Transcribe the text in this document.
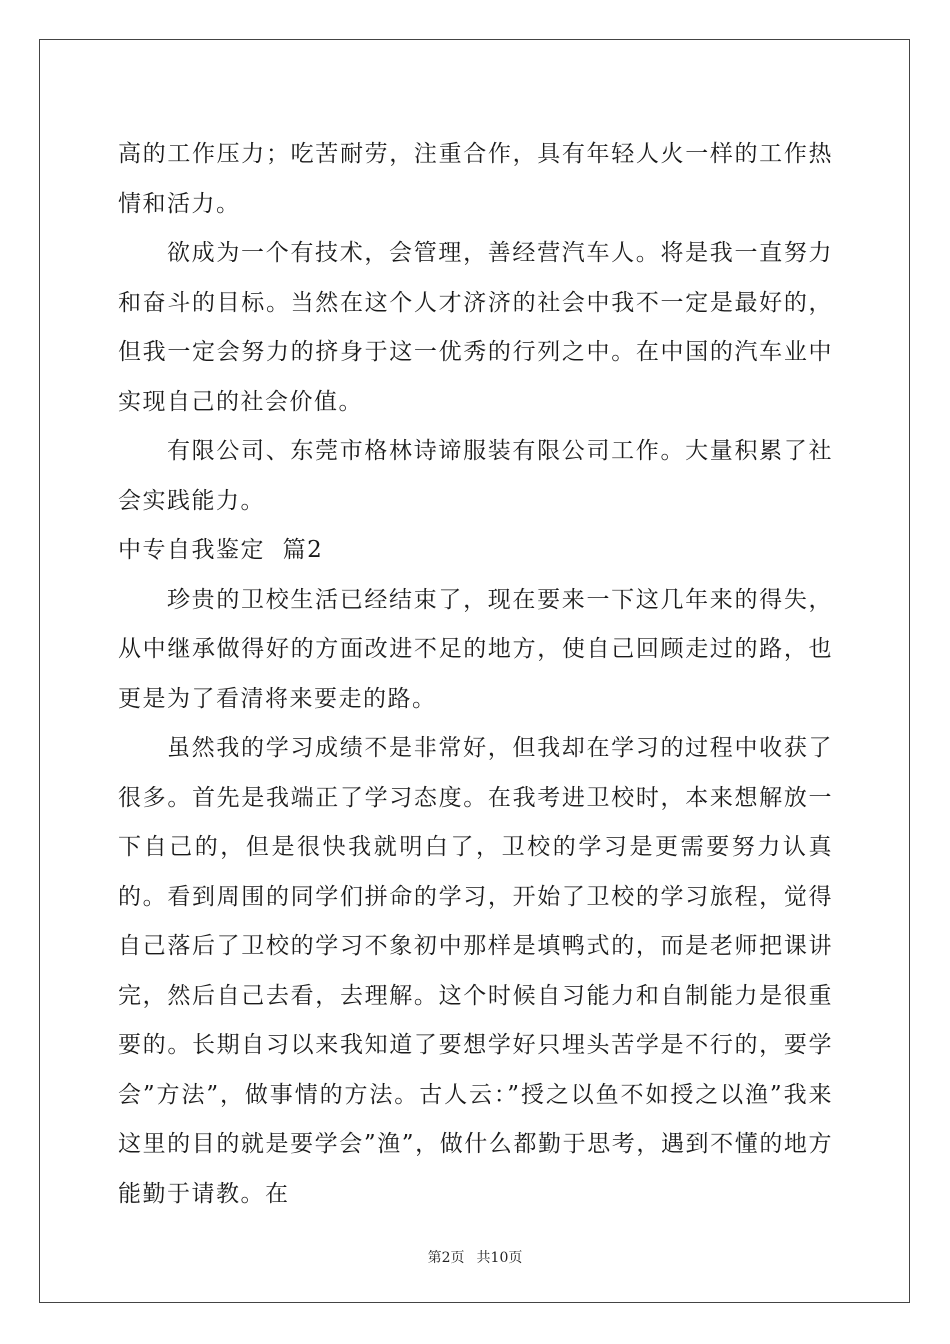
高的工作压力；吃苦耐劳，注重合作，具有年轻人火一样的工作热情和活力。

欲成为一个有技术，会管理，善经营汽车人。将是我一直努力和奋斗的目标。当然在这个人才济济的社会中我不一定是最好的，但我一定会努力的挤身于这一优秀的行列之中。在中国的汽车业中实现自己的社会价值。

有限公司、东莞市格林诗谛服装有限公司工作。大量积累了社会实践能力。

中专自我鉴定  篇2

珍贵的卫校生活已经结束了，现在要来一下这几年来的得失，从中继承做得好的方面改进不足的地方，使自己回顾走过的路，也更是为了看清将来要走的路。

虽然我的学习成绩不是非常好，但我却在学习的过程中收获了很多。首先是我端正了学习态度。在我考进卫校时，本来想解放一下自己的，但是很快我就明白了，卫校的学习是更需要努力认真的。看到周围的同学们拼命的学习，开始了卫校的学习旅程，觉得自己落后了卫校的学习不象初中那样是填鸭式的，而是老师把课讲完，然后自己去看，去理解。这个时候自习能力和自制能力是很重要的。长期自习以来我知道了要想学好只埋头苦学是不行的，要学会”方法”，做事情的方法。古人云：”授之以鱼不如授之以渔”我来这里的目的就是要学会”渔”，做什么都勤于思考，遇到不懂的地方能勤于请教。在

第2页 共10页
